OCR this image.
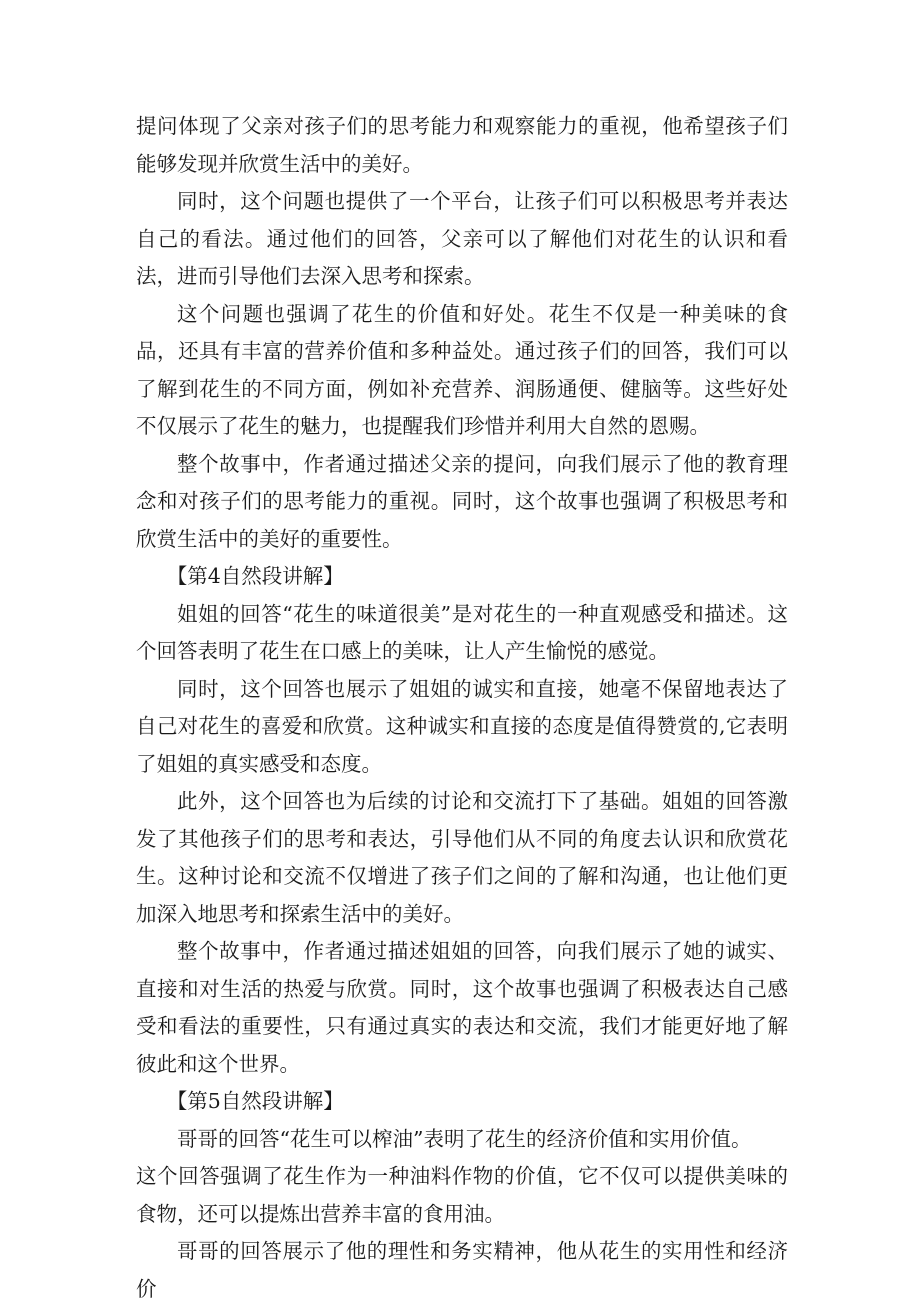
提问体现了父亲对孩子们的思考能力和观察能力的重视，他希望孩子们能够发现并欣赏生活中的美好。

同时，这个问题也提供了一个平台，让孩子们可以积极思考并表达自己的看法。通过他们的回答，父亲可以了解他们对花生的认识和看法，进而引导他们去深入思考和探索。

这个问题也强调了花生的价值和好处。花生不仅是一种美味的食品，还具有丰富的营养价值和多种益处。通过孩子们的回答，我们可以了解到花生的不同方面，例如补充营养、润肠通便、健脑等。这些好处不仅展示了花生的魅力，也提醒我们珍惜并利用大自然的恩赐。

整个故事中，作者通过描述父亲的提问，向我们展示了他的教育理念和对孩子们的思考能力的重视。同时，这个故事也强调了积极思考和欣赏生活中的美好的重要性。

【第4自然段讲解】

姐姐的回答“花生的味道很美”是对花生的一种直观感受和描述。这个回答表明了花生在口感上的美味，让人产生愉悦的感觉。

同时，这个回答也展示了姐姐的诚实和直接，她毫不保留地表达了自己对花生的喜爱和欣赏。这种诚实和直接的态度是值得赞赏的,它表明了姐姐的真实感受和态度。

此外，这个回答也为后续的讨论和交流打下了基础。姐姐的回答激发了其他孩子们的思考和表达，引导他们从不同的角度去认识和欣赏花生。这种讨论和交流不仅增进了孩子们之间的了解和沟通，也让他们更加深入地思考和探索生活中的美好。

整个故事中，作者通过描述姐姐的回答，向我们展示了她的诚实、直接和对生活的热爱与欣赏。同时，这个故事也强调了积极表达自己感受和看法的重要性，只有通过真实的表达和交流，我们才能更好地了解彼此和这个世界。

【第5自然段讲解】

哥哥的回答“花生可以榨油”表明了花生的经济价值和实用价值。

这个回答强调了花生作为一种油料作物的价值，它不仅可以提供美味的食物，还可以提炼出营养丰富的食用油。

哥哥的回答展示了他的理性和务实精神，他从花生的实用性和经济价
